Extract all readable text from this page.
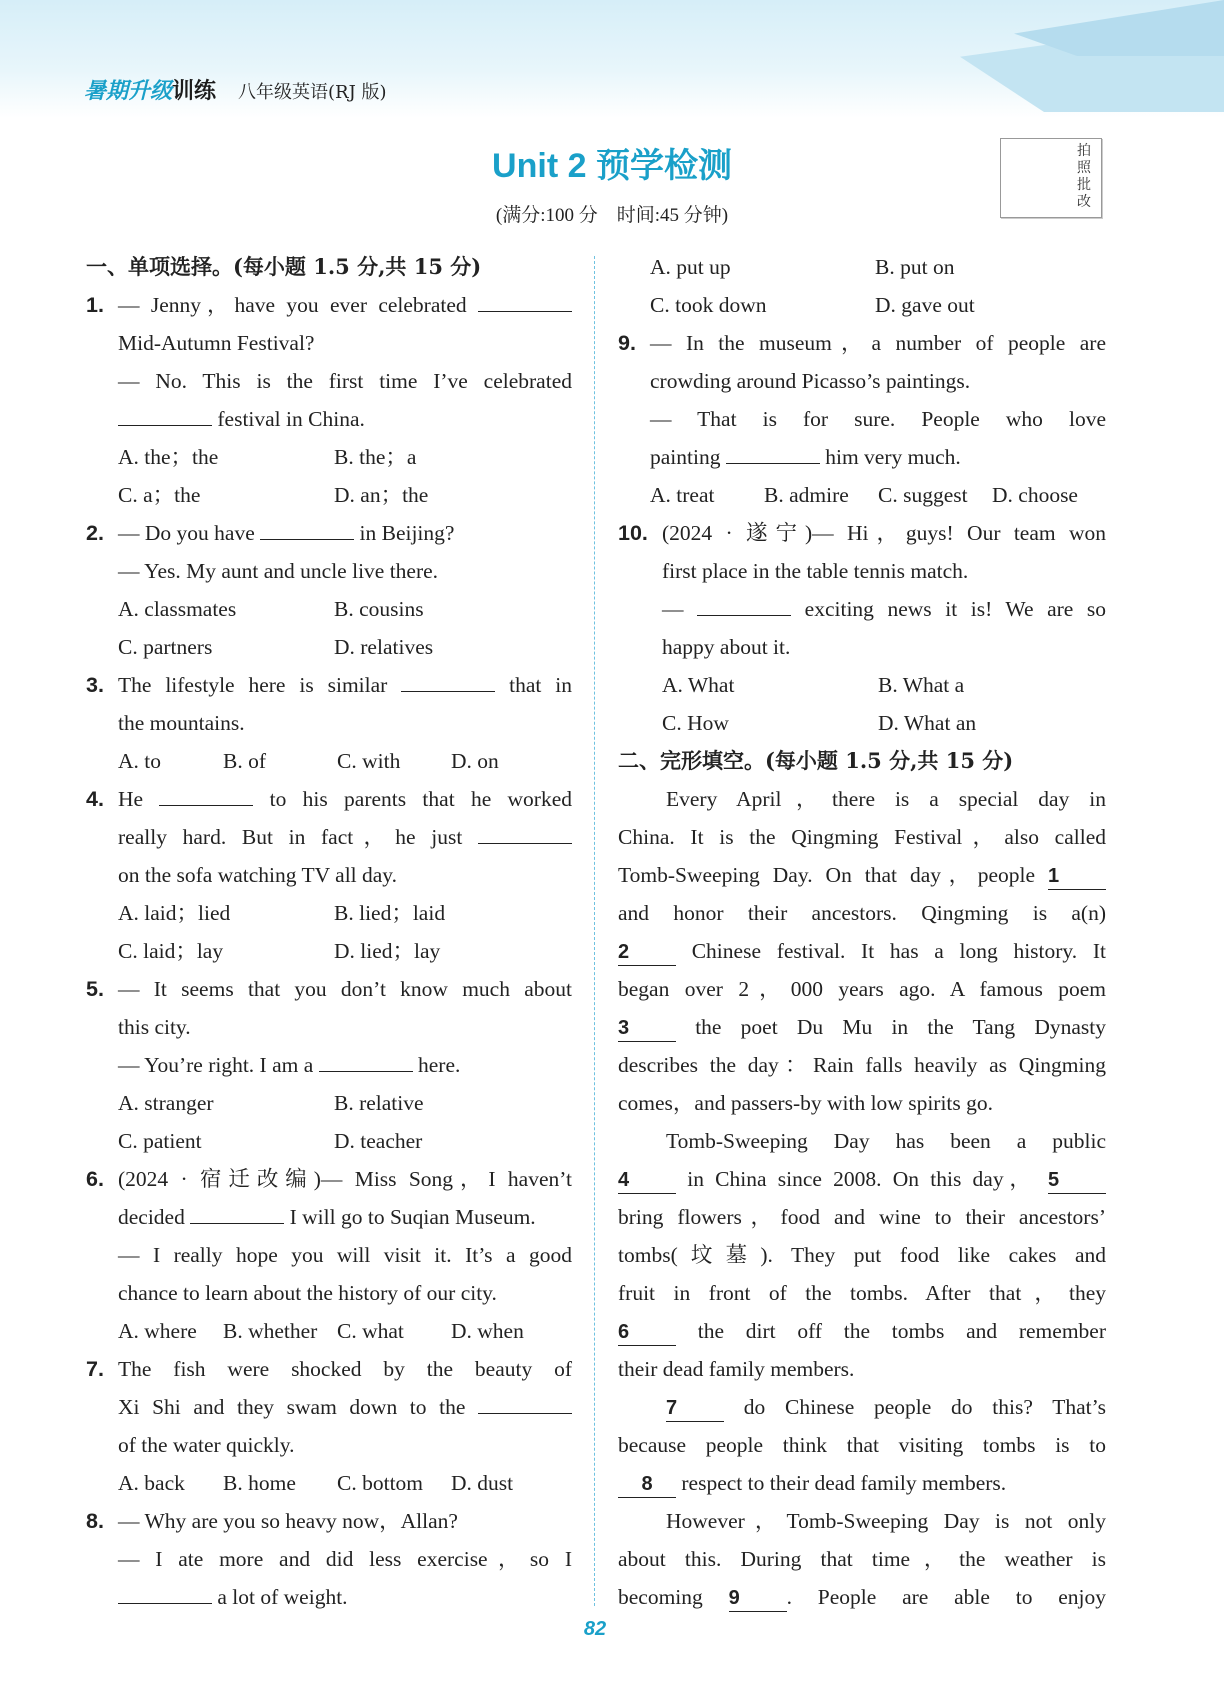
暑期升级训练 八年级英语(RJ 版)
Unit 2 预学检测
(满分:100 分　时间:45 分钟)
拍照批改
一、单项选择。(每小题 1.5 分,共 15 分)
1. — Jenny，have you ever celebrated
Mid-Autumn Festival?
— No. This is the first time I’ve celebrated
festival in China.
A. the；the	B. the；a
C. a；the	D. an；the
2. — Do you have	in Beijing?
— Yes. My aunt and uncle live there.
A. classmates	B. cousins
C. partners	D. relatives
3. The lifestyle here is similar	that in
the mountains.
A. to	B. of	C. with D. on
4. He	to his parents that he worked
really hard. But in fact，he just
on the sofa watching TV all day.
A. laid；lied	B. lied；laid
C. laid；lay	D. lied；lay
5. — It seems that you don’t know much about
this city.
— You’re right. I am a	here.
A. stranger	B. relative
C. patient	D. teacher
6. (2024 · 宿迁改编)— Miss Song，I haven’t
decided	I will go to Suqian Museum.
— I really hope you will visit it. It’s a good
chance to learn about the history of our city.
A. where B. whether C. what D. when
7. The fish were shocked by the beauty of
Xi Shi and they swam down to the
of the water quickly.
A. back B. home C. bottom D. dust
8. — Why are you so heavy now，Allan?
— I ate more and did less exercise，so I
a lot of weight.
A. put up	B. put on
C. took down	D. gave out
9. — In the museum，a number of people are
crowding around Picasso’s paintings.
— That is for sure. People who love
painting	him very much.
A. treat B. admire C. suggest D. choose
10. (2024 · 遂宁)— Hi，guys! Our team won
first place in the table tennis match.
—	exciting news it is! We are so
happy about it.
A. What	B. What a
C. How	D. What an
二、完形填空。(每小题 1.5 分,共 15 分)
Every April，there is a special day in
China. It is the Qingming Festival，also called
Tomb-Sweeping Day. On that day，people 1
and honor their ancestors. Qingming is a(n)
2	Chinese festival. It has a long history. It
began over 2，000 years ago. A famous poem
3	the poet Du Mu in the Tang Dynasty
describes the day：Rain falls heavily as Qingming
comes，and passers-by with low spirits go.
Tomb-Sweeping Day has been a public
4	in China since 2008. On this day， 5
bring flowers，food and wine to their ancestors’
tombs(坟墓). They put food like cakes and
fruit in front of the tombs. After that，they
6	the dirt off the tombs and remember
their dead family members.
7	do Chinese people do this? That’s
because people think that visiting tombs is to
8 respect to their dead family members.
However，Tomb-Sweeping Day is not only
about this. During that time，the weather is
becoming 9 . People are able to enjoy
82
